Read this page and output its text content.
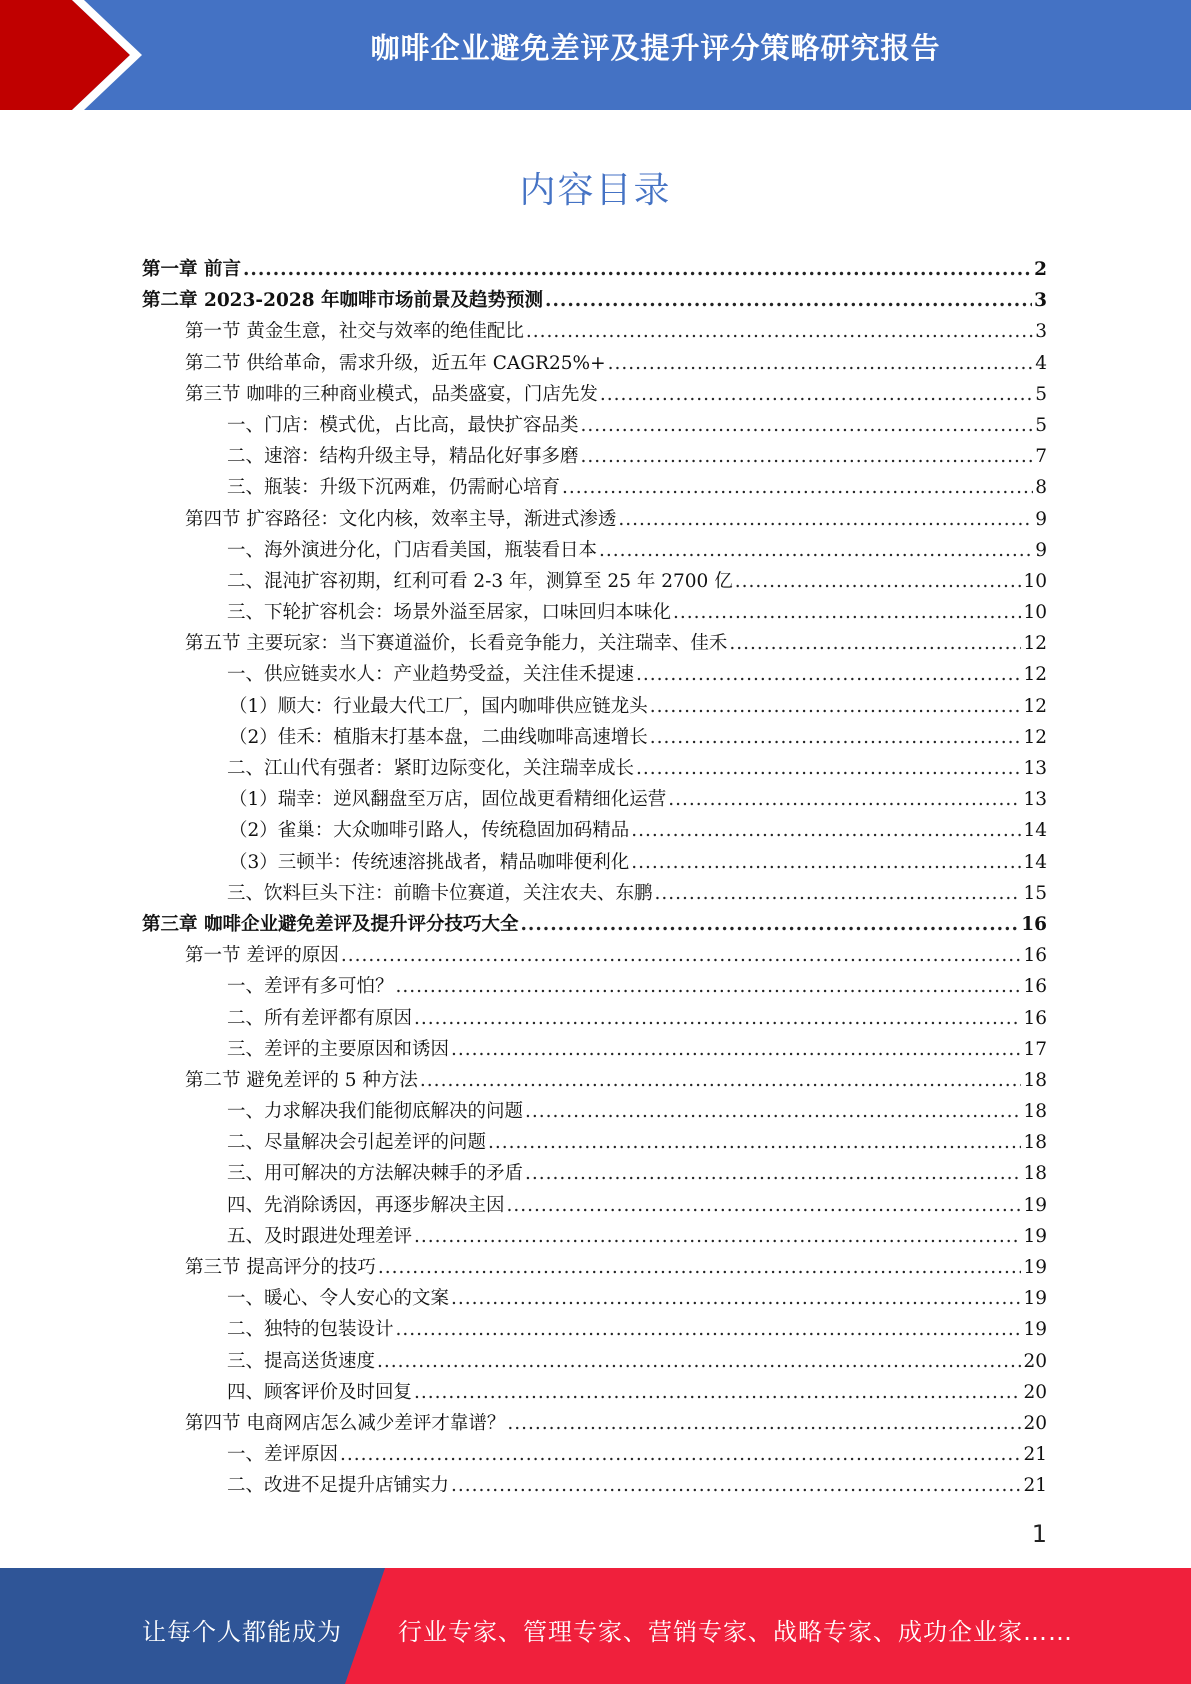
咖啡企业避免差评及提升评分策略研究报告
内容目录
第一章 前言 .....	2
第二章 2023-2028 年咖啡市场前景及趋势预测 .....	3
第一节 黄金生意，社交与效率的绝佳配比 .....	3
第二节 供给革命，需求升级，近五年 CAGR25%+ .....	4
第三节 咖啡的三种商业模式，品类盛宴，门店先发 .....	5
一、门店：模式优，占比高，最快扩容品类 .....	5
二、速溶：结构升级主导，精品化好事多磨 .....	7
三、瓶装：升级下沉两难，仍需耐心培育 .....	8
第四节 扩容路径：文化内核，效率主导，渐进式渗透 .....	9
一、海外演进分化，门店看美国，瓶装看日本 .....	9
二、混沌扩容初期，红利可看 2-3 年，测算至 25 年 2700 亿 .....	10
三、下轮扩容机会：场景外溢至居家，口味回归本味化 .....	10
第五节 主要玩家：当下赛道溢价，长看竞争能力，关注瑞幸、佳禾 .....	12
一、供应链卖水人：产业趋势受益，关注佳禾提速 .....	12
（1）顺大：行业最大代工厂，国内咖啡供应链龙头 .....	12
（2）佳禾：植脂末打基本盘，二曲线咖啡高速增长 .....	12
二、江山代有强者：紧盯边际变化，关注瑞幸成长 .....	13
（1）瑞幸：逆风翻盘至万店，固位战更看精细化运营 .....	13
（2）雀巢：大众咖啡引路人，传统稳固加码精品 .....	14
（3）三顿半：传统速溶挑战者，精品咖啡便利化 .....	14
三、饮料巨头下注：前瞻卡位赛道，关注农夫、东鹏 .....	15
第三章 咖啡企业避免差评及提升评分技巧大全 .....	16
第一节 差评的原因 .....	16
一、差评有多可怕？ .....	16
二、所有差评都有原因 .....	16
三、差评的主要原因和诱因 .....	17
第二节 避免差评的 5 种方法 .....	18
一、力求解决我们能彻底解决的问题 .....	18
二、尽量解决会引起差评的问题 .....	18
三、用可解决的方法解决棘手的矛盾 .....	18
四、先消除诱因，再逐步解决主因 .....	19
五、及时跟进处理差评 .....	19
第三节 提高评分的技巧 .....	19
一、暖心、令人安心的文案 .....	19
二、独特的包装设计 .....	19
三、提高送货速度 .....	20
四、顾客评价及时回复 .....	20
第四节 电商网店怎么减少差评才靠谱？ .....	20
一、差评原因 .....	21
二、改进不足提升店铺实力 .....	21
1
让每个人都能成为 行业专家、管理专家、营销专家、战略专家、成功企业家……
